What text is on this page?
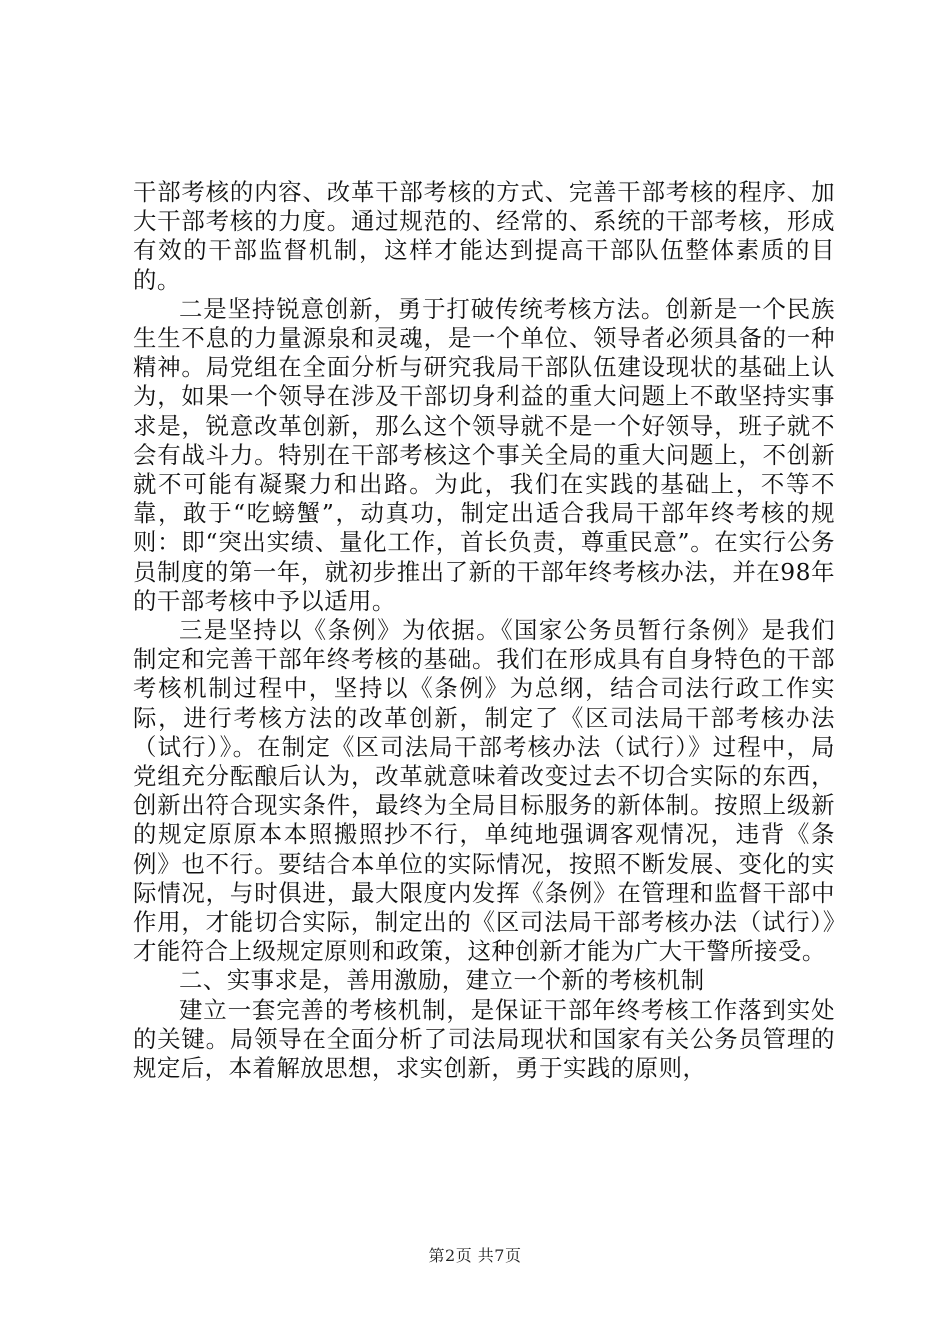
干部考核的内容、改革干部考核的方式、完善干部考核的程序、加大干部考核的力度。通过规范的、经常的、系统的干部考核，形成有效的干部监督机制，这样才能达到提高干部队伍整体素质的目的。

二是坚持锐意创新，勇于打破传统考核方法。创新是一个民族生生不息的力量源泉和灵魂，是一个单位、领导者必须具备的一种精神。局党组在全面分析与研究我局干部队伍建设现状的基础上认为，如果一个领导在涉及干部切身利益的重大问题上不敢坚持实事求是，锐意改革创新，那么这个领导就不是一个好领导，班子就不会有战斗力。特别在干部考核这个事关全局的重大问题上，不创新就不可能有凝聚力和出路。为此，我们在实践的基础上，不等不靠，敢于“吃螃蟹”，动真功，制定出适合我局干部年终考核的规则：即“突出实绩、量化工作，首长负责，尊重民意”。在实行公务员制度的第一年，就初步推出了新的干部年终考核办法，并在98年的干部考核中予以适用。

三是坚持以《条例》为依据。《国家公务员暂行条例》是我们制定和完善干部年终考核的基础。我们在形成具有自身特色的干部考核机制过程中，坚持以《条例》为总纲，结合司法行政工作实际，进行考核方法的改革创新，制定了《区司法局干部考核办法（试行）》。在制定《区司法局干部考核办法（试行）》过程中，局党组充分酝酿后认为，改革就意味着改变过去不切合实际的东西，创新出符合现实条件，最终为全局目标服务的新体制。按照上级新的规定原原本本照搬照抄不行，单纯地强调客观情况，违背《条例》也不行。要结合本单位的实际情况，按照不断发展、变化的实际情况，与时俱进，最大限度内发挥《条例》在管理和监督干部中作用，才能切合实际，制定出的《区司法局干部考核办法（试行）》才能符合上级规定原则和政策，这种创新才能为广大干警所接受。

二、实事求是，善用激励，建立一个新的考核机制

建立一套完善的考核机制，是保证干部年终考核工作落到实处的关键。局领导在全面分析了司法局现状和国家有关公务员管理的规定后，本着解放思想，求实创新，勇于实践的原则，

第2页 共7页
